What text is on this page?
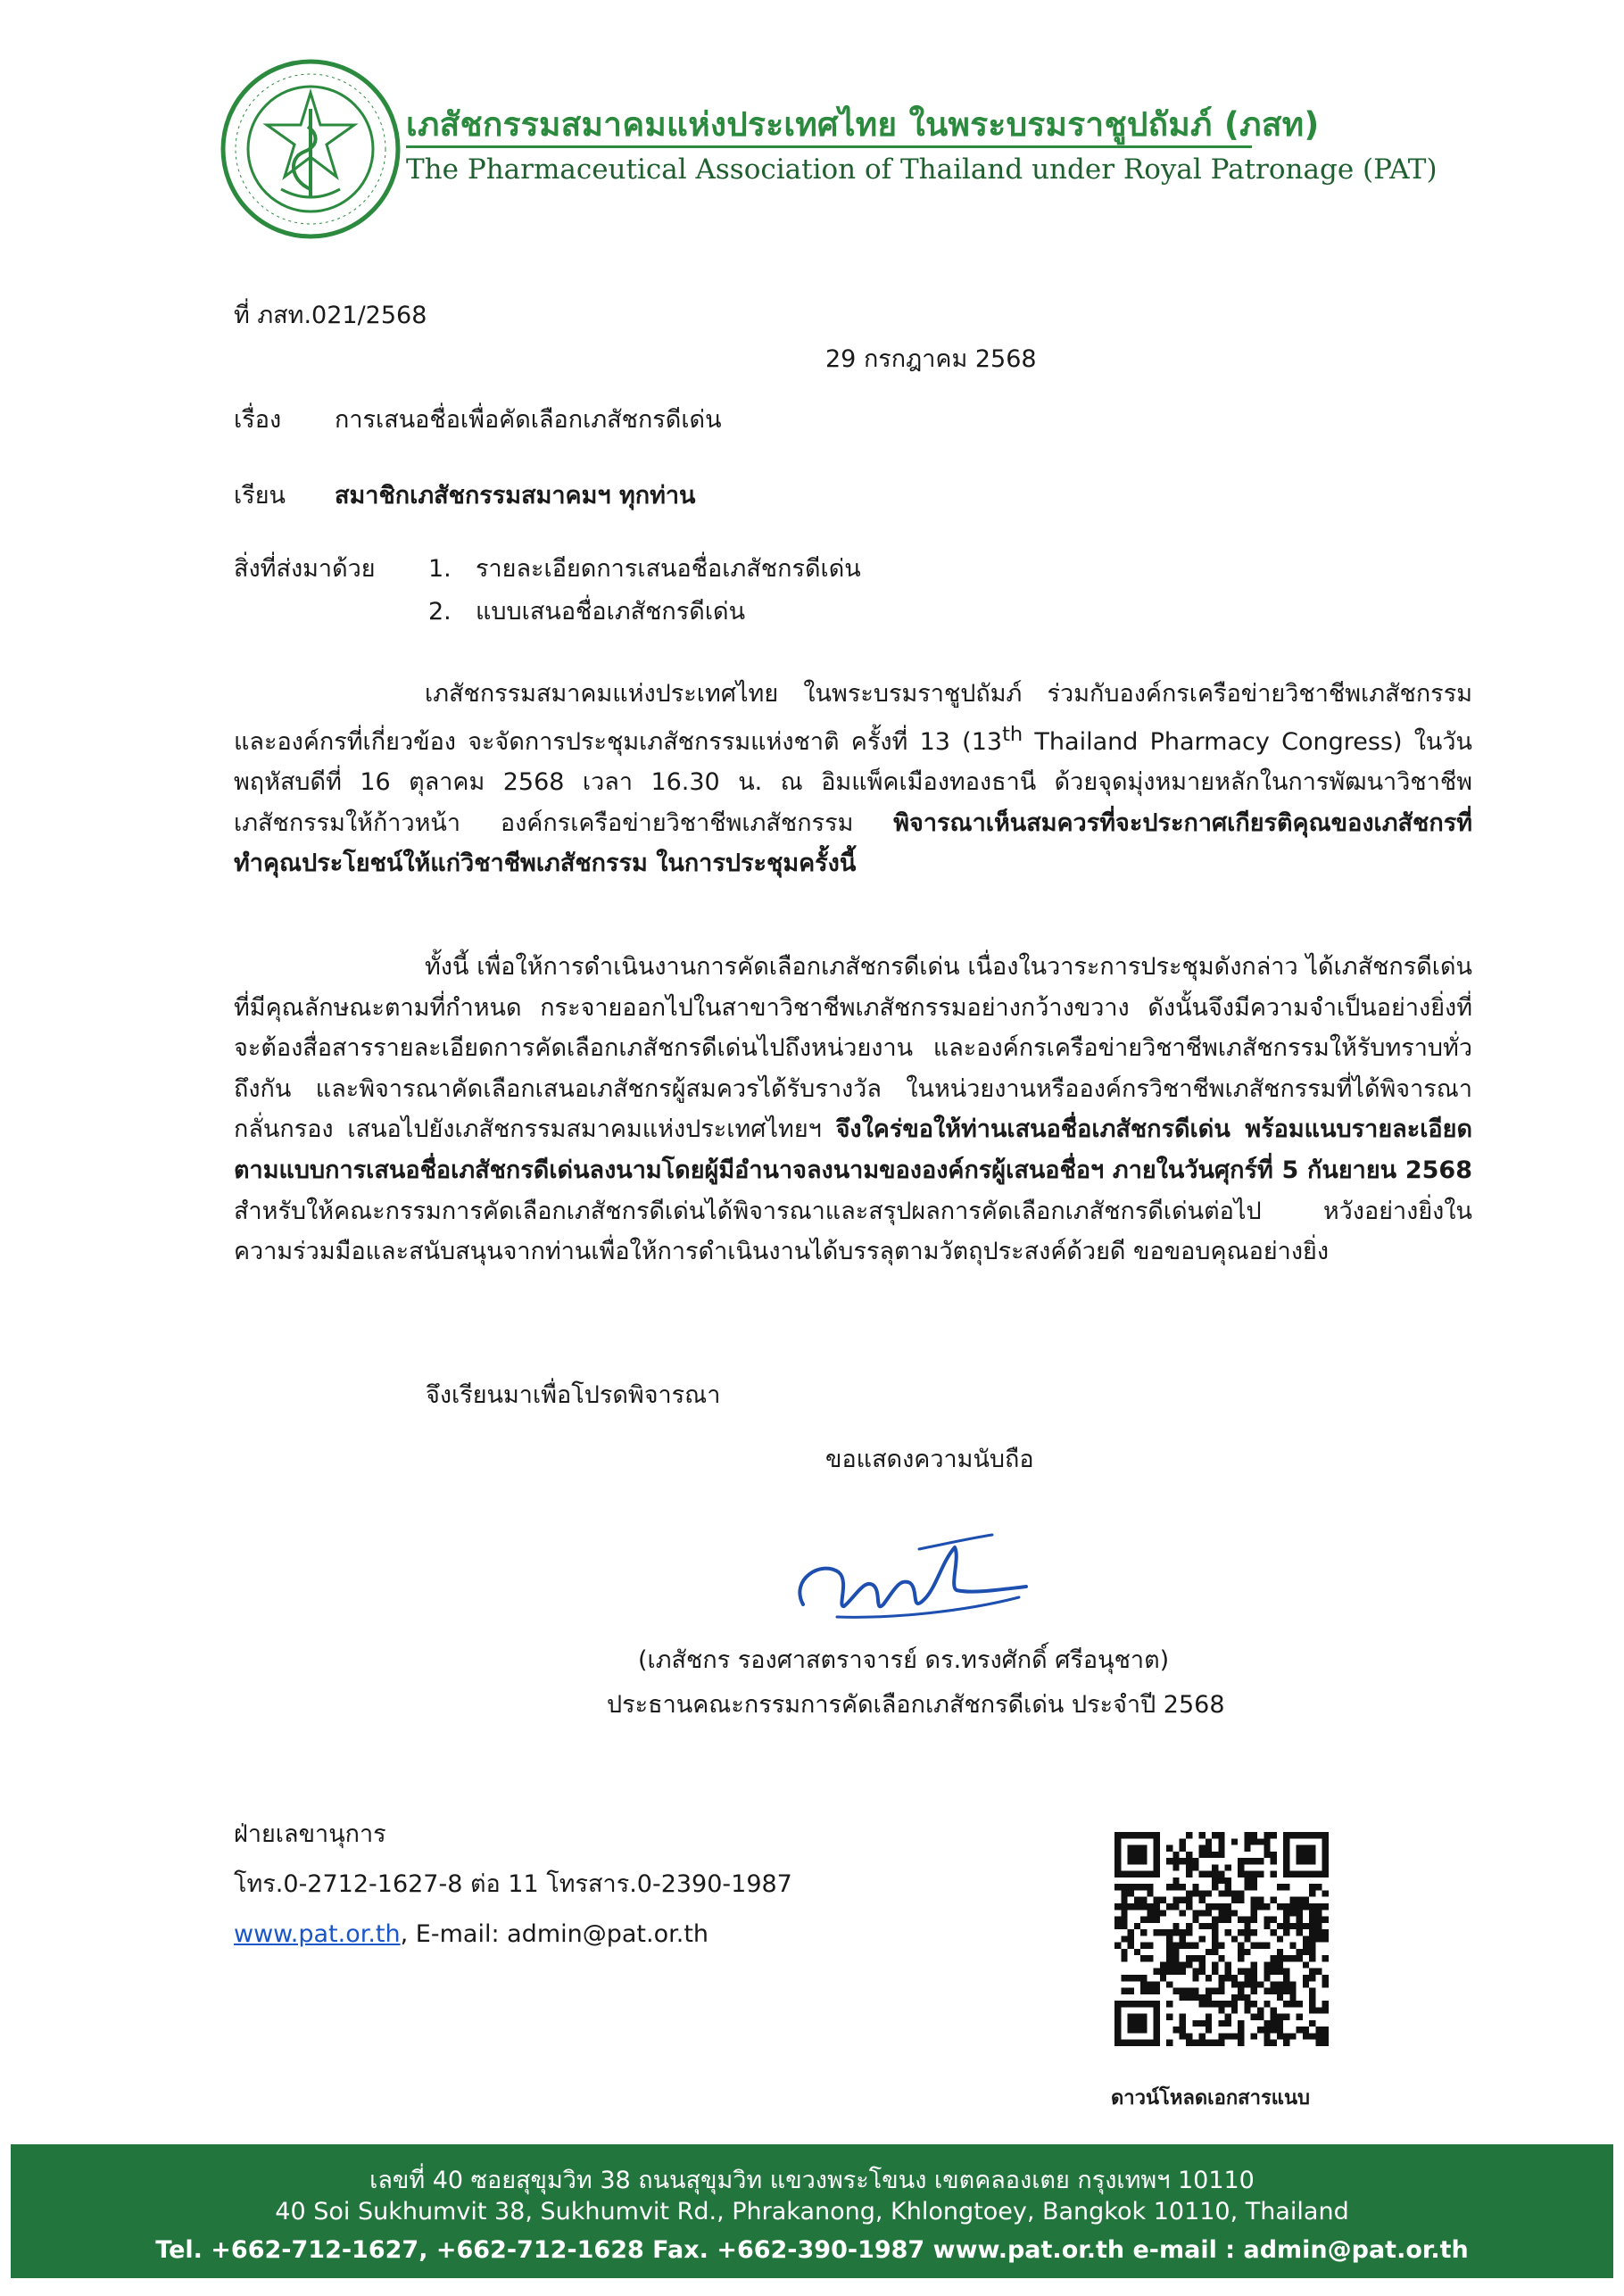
เภสัชกรรมสมาคมแห่งประเทศไทย ในพระบรมราชูปถัมภ์ (ภสท)
The Pharmaceutical Association of Thailand under Royal Patronage (PAT)
ที่ ภสท.021/2568
29 กรกฎาคม 2568
เรื่อง การเสนอชื่อเพื่อคัดเลือกเภสัชกรดีเด่น
เรียน สมาชิกเภสัชกรรมสมาคมฯ ทุกท่าน
สิ่งที่ส่งมาด้วย 1. รายละเอียดการเสนอชื่อเภสัชกรดีเด่น
2. แบบเสนอชื่อเภสัชกรดีเด่น

เภสัชกรรมสมาคมแห่งประเทศไทย ในพระบรมราชูปถัมภ์ ร่วมกับองค์กรเครือข่ายวิชาชีพเภสัชกรรมและองค์กรที่เกี่ยวข้อง จะจัดการประชุมเภสัชกรรมแห่งชาติ ครั้งที่ 13 (13th Thailand Pharmacy Congress) ในวันพฤหัสบดีที่ 16 ตุลาคม 2568 เวลา 16.30 น. ณ อิมแพ็คเมืองทองธานี ด้วยจุดมุ่งหมายหลักในการพัฒนาวิชาชีพเภสัชกรรมให้ก้าวหน้า องค์กรเครือข่ายวิชาชีพเภสัชกรรม พิจารณาเห็นสมควรที่จะประกาศเกียรติคุณของเภสัชกรที่ทำคุณประโยชน์ให้แก่วิชาชีพเภสัชกรรม ในการประชุมครั้งนี้

ทั้งนี้ เพื่อให้การดำเนินงานการคัดเลือกเภสัชกรดีเด่น เนื่องในวาระการประชุมดังกล่าว ได้เภสัชกรดีเด่นที่มีคุณลักษณะตามที่กำหนด กระจายออกไปในสาขาวิชาชีพเภสัชกรรมอย่างกว้างขวาง ดังนั้นจึงมีความจำเป็นอย่างยิ่งที่จะต้องสื่อสารรายละเอียดการคัดเลือกเภสัชกรดีเด่นไปถึงหน่วยงาน และองค์กรเครือข่ายวิชาชีพเภสัชกรรมให้รับทราบทั่วถึงกัน และพิจารณาคัดเลือกเสนอเภสัชกรผู้สมควรได้รับรางวัล ในหน่วยงานหรือองค์กรวิชาชีพเภสัชกรรมที่ได้พิจารณากลั่นกรอง เสนอไปยังเภสัชกรรมสมาคมแห่งประเทศไทยฯ จึงใคร่ขอให้ท่านเสนอชื่อเภสัชกรดีเด่น พร้อมแนบรายละเอียดตามแบบการเสนอชื่อเภสัชกรดีเด่นลงนามโดยผู้มีอำนาจลงนามขององค์กรผู้เสนอชื่อฯ ภายในวันศุกร์ที่ 5 กันยายน 2568 สำหรับให้คณะกรรมการคัดเลือกเภสัชกรดีเด่นได้พิจารณาและสรุปผลการคัดเลือกเภสัชกรดีเด่นต่อไป หวังอย่างยิ่งในความร่วมมือและสนับสนุนจากท่านเพื่อให้การดำเนินงานได้บรรลุตามวัตถุประสงค์ด้วยดี ขอขอบคุณอย่างยิ่ง

จึงเรียนมาเพื่อโปรดพิจารณา
ขอแสดงความนับถือ
(เภสัชกร รองศาสตราจารย์ ดร.ทรงศักดิ์ ศรีอนุชาต)
ประธานคณะกรรมการคัดเลือกเภสัชกรดีเด่น ประจำปี 2568
ฝ่ายเลขานุการ
โทร.0-2712-1627-8 ต่อ 11 โทรสาร.0-2390-1987
www.pat.or.th, E-mail: admin@pat.or.th
ดาวน์โหลดเอกสารแนบ
เลขที่ 40 ซอยสุขุมวิท 38 ถนนสุขุมวิท แขวงพระโขนง เขตคลองเตย กรุงเทพฯ 10110
40 Soi Sukhumvit 38, Sukhumvit Rd., Phrakanong, Khlongtoey, Bangkok 10110, Thailand
Tel. +662-712-1627, +662-712-1628 Fax. +662-390-1987 www.pat.or.th e-mail : admin@pat.or.th
